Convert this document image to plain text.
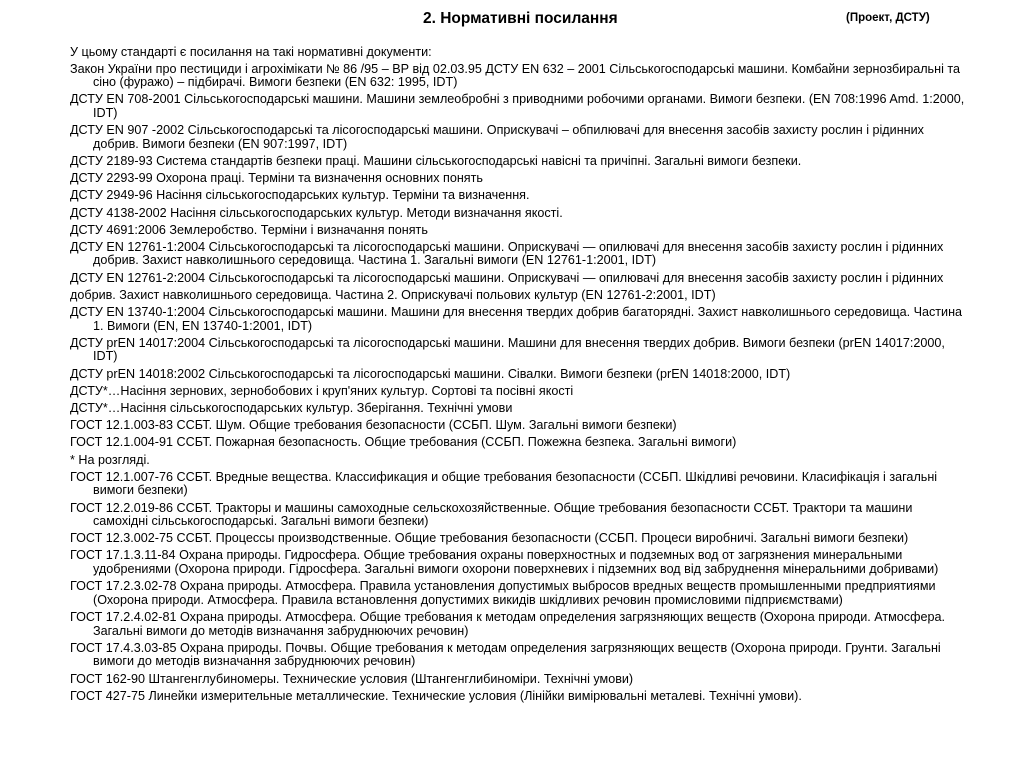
2. Нормативні посилання	(Проект, ДСТУ)
У цьому стандарті є посилання на такі нормативні документи:
Закон України про пестициди і агрохімікати № 86 /95 – ВР від 02.03.95 ДСТУ EN 632 – 2001 Сільськогосподарські машини. Комбайни зернозбиральні та сіно (фуражо) – підбирачі. Вимоги безпеки (EN 632: 1995, IDT)
ДСТУ EN 708-2001 Сільськогосподарські машини. Машини землеобробні з приводними робочими органами. Вимоги безпеки. (EN 708:1996 Amd. 1:2000, IDT)
ДСТУ EN 907 -2002 Сільськогосподарські та лісогосподарські машини. Оприскувачі – обпилювачі для внесення засобів захисту рослин і рідинних добрив. Вимоги безпеки (EN 907:1997, IDT)
ДСТУ 2189-93 Система стандартів безпеки праці. Машини сільськогосподарські навісні та причіпні. Загальні вимоги безпеки.
ДСТУ 2293-99 Охорона праці. Терміни та визначення основних понять
ДСТУ 2949-96 Насіння сільськогосподарських культур. Терміни та визначення.
ДСТУ 4138-2002 Насіння сільськогосподарських культур. Методи визначання якості.
ДСТУ 4691:2006 Землеробство. Терміни і визначання понять
ДСТУ EN 12761-1:2004 Сільськогосподарські та лісогосподарські машини. Оприскувачі — опилювачі для внесення засобів захисту рослин і рідинних добрив. Захист навколишнього середовища. Частина 1. Загальні вимоги (EN 12761-1:2001, IDT)
ДСТУ EN 12761-2:2004 Сільськогосподарські та лісогосподарські машини. Оприскувачі — опилювачі для внесення засобів захисту рослин і рідинних
добрив. Захист навколишнього середовища. Частина 2. Оприскувачі польових культур (EN 12761-2:2001, IDT)
ДСТУ EN 13740-1:2004 Сільськогосподарські машини. Машини для внесення твердих добрив багаторядні. Захист навколишнього середовища. Частина 1. Вимоги (EN, EN 13740-1:2001, IDT)
ДСТУ prEN 14017:2004 Сільськогосподарські та лісогосподарські машини. Машини для внесення твердих добрив. Вимоги безпеки (prEN 14017:2000, IDT)
ДСТУ prEN 14018:2002 Сільськогосподарські та лісогосподарські машини. Сівалки. Вимоги безпеки (prEN 14018:2000, IDT)
ДСТУ*…Насіння зернових, зернобобових і круп'яних культур. Сортові та посівні якості
ДСТУ*…Насіння сільськогосподарських культур. Зберігання. Технічні умови
ГОСТ 12.1.003-83 ССБТ. Шум. Общие требования безопасности (ССБП. Шум. Загальні вимоги безпеки)
ГОСТ 12.1.004-91 ССБТ. Пожарная безопасность. Общие требования (ССБП. Пожежна безпека. Загальні вимоги)
* На розгляді.
ГОСТ 12.1.007-76 ССБТ. Вредные вещества. Классификация и общие требования безопасности (ССБП. Шкідливі речовини. Класифікація і загальні вимоги безпеки)
ГОСТ 12.2.019-86 ССБТ. Тракторы и машины самоходные сельскохозяйственные. Общие требования безопасности ССБТ. Трактори та машини самохідні сільськогосподарські. Загальні вимоги безпеки)
ГОСТ 12.3.002-75 ССБТ. Процессы производственные. Общие требования безопасности (ССБП. Процеси виробничі. Загальні вимоги безпеки)
ГОСТ 17.1.3.11-84 Охрана природы. Гидросфера. Общие требования охраны поверхностных и подземных вод от загрязнения минеральными удобрениями (Охорона природи. Гідросфера. Загальні вимоги охорони поверхневих і підземних вод від забруднення мінеральними добривами)
ГОСТ 17.2.3.02-78 Охрана природы. Атмосфера. Правила установления допустимых выбросов вредных веществ промышленными предприятиями (Охорона природи. Атмосфера. Правила встановлення допустимих викидів шкідливих речовин промисловими підприємствами)
ГОСТ 17.2.4.02-81 Охрана природы. Атмосфера. Общие требования к методам определения загрязняющих веществ (Охорона природи. Атмосфера. Загальні вимоги до методів визначання забруднюючих речовин)
ГОСТ 17.4.3.03-85 Охрана природы. Почвы. Общие требования к методам определения загрязняющих веществ (Охорона природи. Грунти. Загальні вимоги до методів визначання забруднюючих речовин)
ГОСТ 162-90 Штангенглубиномеры. Технические условия (Штангенглибиноміри. Технічні умови)
ГОСТ 427-75 Линейки измерительные металлические. Технические условия (Лінійки вимірювальні металеві. Технічні умови).
